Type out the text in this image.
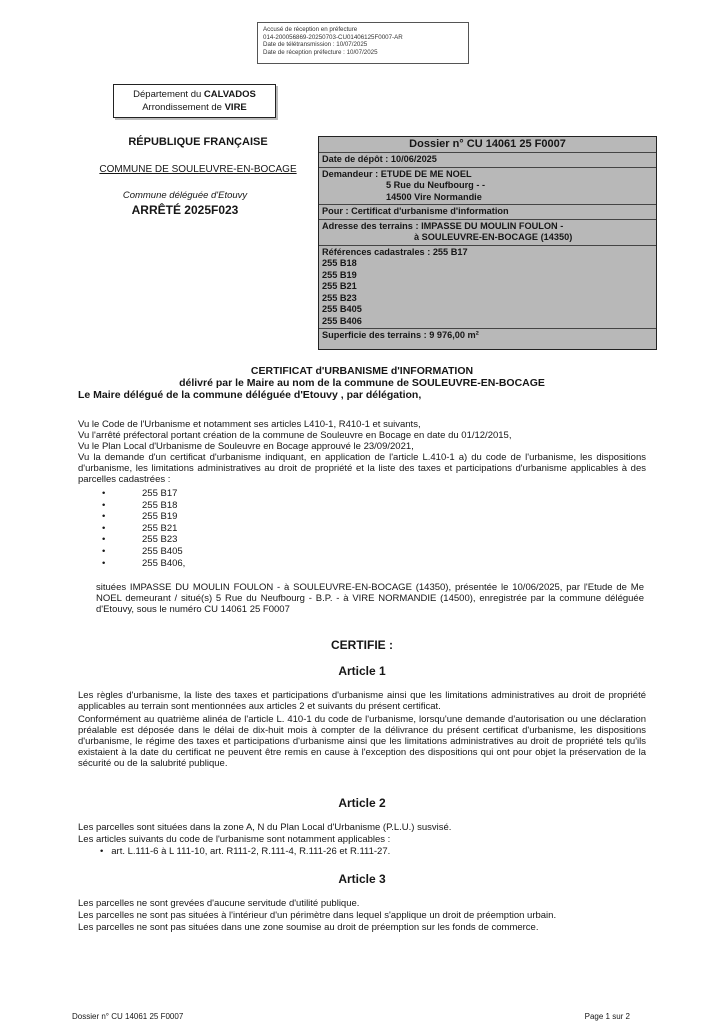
Accusé de réception en préfecture
014-200056869-20250703-CU01406125F0007-AR
Date de télétransmission : 10/07/2025
Date de réception préfecture : 10/07/2025
Département du CALVADOS
Arrondissement de VIRE
RÉPUBLIQUE FRANÇAISE
COMMUNE DE SOULEUVRE-EN-BOCAGE
Commune déléguée d'Etouvy
ARRÊTÉ 2025F023
Dossier n° CU 14061 25 F0007
Date de dépôt : 10/06/2025
Demandeur : ETUDE DE ME NOEL
5 Rue du Neufbourg - -
14500 Vire Normandie
Pour : Certificat d'urbanisme d'information
Adresse des terrains : IMPASSE DU MOULIN FOULON -
à SOULEUVRE-EN-BOCAGE (14350)
Références cadastrales : 255 B17
255 B18
255 B19
255 B21
255 B23
255 B405
255 B406
Superficie des terrains : 9 976,00 m²
CERTIFICAT d'URBANISME d'INFORMATION
délivré par le Maire au nom de la commune de SOULEUVRE-EN-BOCAGE
Le Maire délégué de la commune déléguée d'Etouvy , par délégation,
Vu le Code de l'Urbanisme et notamment ses articles L410-1, R410-1 et suivants,
Vu l'arrêté préfectoral portant création de la commune de Souleuvre en Bocage en date du 01/12/2015,
Vu le Plan Local d'Urbanisme de Souleuvre en Bocage approuvé le 23/09/2021,
Vu la demande d'un certificat d'urbanisme indiquant, en application de l'article L.410-1 a) du code de l'urbanisme, les dispositions d'urbanisme, les limitations administratives au droit de propriété et la liste des taxes et participations d'urbanisme applicables à des parcelles cadastrées :
• 255 B17
• 255 B18
• 255 B19
• 255 B21
• 255 B23
• 255 B405
• 255 B406,
situées IMPASSE DU MOULIN FOULON - à SOULEUVRE-EN-BOCAGE (14350), présentée le 10/06/2025, par l'Etude de Me NOEL demeurant / situé(s) 5 Rue du Neufbourg - B.P. - à VIRE NORMANDIE (14500), enregistrée par la commune déléguée d'Etouvy, sous le numéro CU 14061 25 F0007
CERTIFIE :
Article 1
Les règles d'urbanisme, la liste des taxes et participations d'urbanisme ainsi que les limitations administratives au droit de propriété applicables au terrain sont mentionnées aux articles 2 et suivants du présent certificat.
Conformément au quatrième alinéa de l'article L. 410-1 du code de l'urbanisme, lorsqu'une demande d'autorisation ou une déclaration préalable est déposée dans le délai de dix-huit mois à compter de la délivrance du présent certificat d'urbanisme, les dispositions d'urbanisme, le régime des taxes et participations d'urbanisme ainsi que les limitations administratives au droit de propriété tels qu'ils existaient à la date du certificat ne peuvent être remis en cause à l'exception des dispositions qui ont pour objet la préservation de la sécurité ou de la salubrité publique.
Article 2
Les parcelles sont situées dans la zone A, N du Plan Local d'Urbanisme (P.L.U.) susvisé.
Les articles suivants du code de l'urbanisme sont notamment applicables :
• art. L.111-6 à L 111-10, art. R111-2, R.111-4, R.111-26 et R.111-27.
Article 3
Les parcelles ne sont grevées d'aucune servitude d'utilité publique.
Les parcelles ne sont pas situées à l'intérieur d'un périmètre dans lequel s'applique un droit de préemption urbain.
Les parcelles ne sont pas situées dans une zone soumise au droit de préemption sur les fonds de commerce.
Dossier n° CU 14061 25 F0007	Page 1 sur 2
